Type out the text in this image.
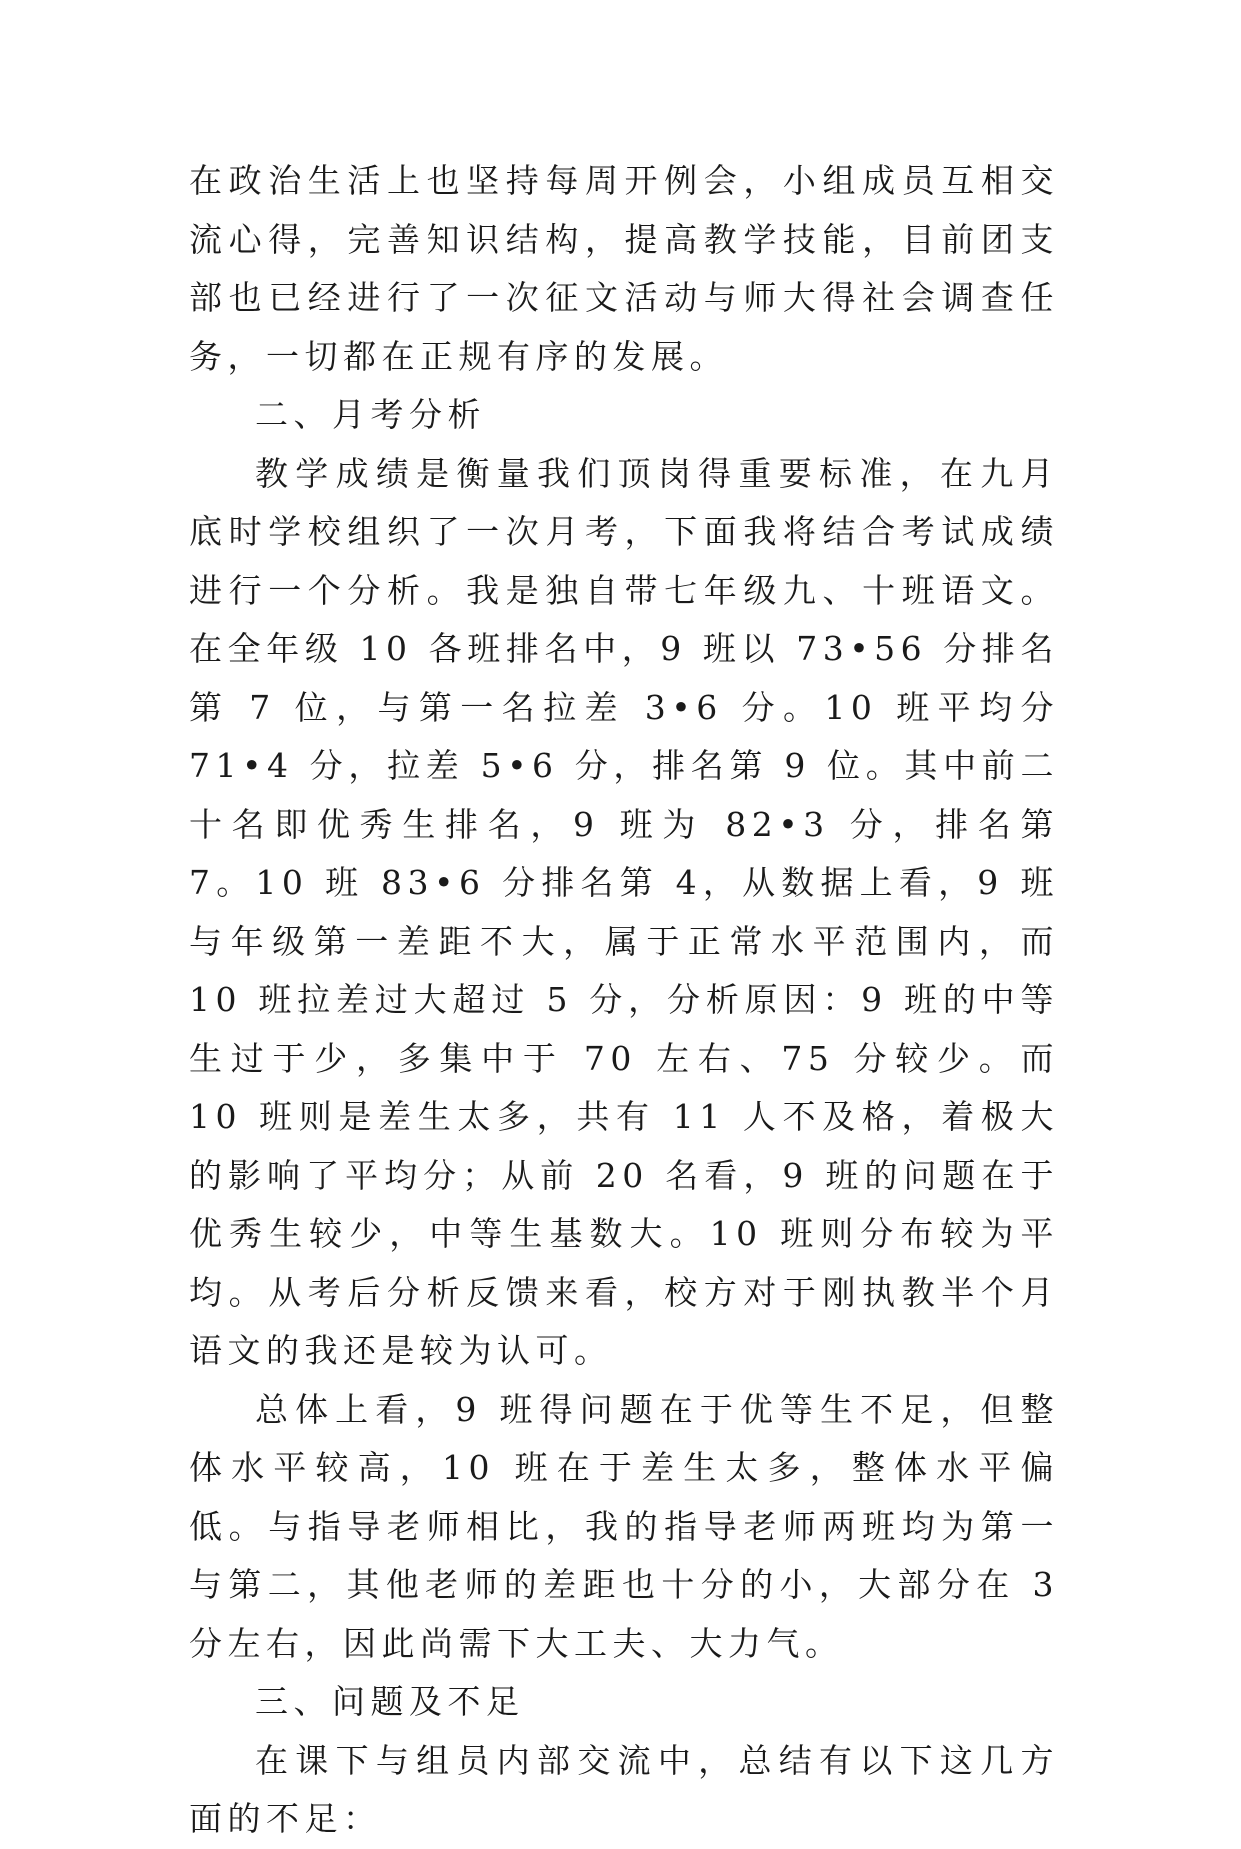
在政治生活上也坚持每周开例会，小组成员互相交流心得，完善知识结构，提高教学技能，目前团支部也已经进行了一次征文活动与师大得社会调查任务，一切都在正规有序的发展。

二、月考分析

教学成绩是衡量我们顶岗得重要标准，在九月底时学校组织了一次月考，下面我将结合考试成绩进行一个分析。我是独自带七年级九、十班语文。在全年级 10 各班排名中，9 班以 73•56 分排名第 7 位，与第一名拉差 3•6 分。10 班平均分 71•4 分，拉差 5•6 分，排名第 9 位。其中前二十名即优秀生排名，9 班为 82•3 分，排名第 7。10 班 83•6 分排名第 4，从数据上看，9 班与年级第一差距不大，属于正常水平范围内，而 10 班拉差过大超过 5 分，分析原因：9 班的中等生过于少，多集中于 70 左右、75 分较少。而 10 班则是差生太多，共有 11 人不及格，着极大的影响了平均分；从前 20 名看，9 班的问题在于优秀生较少，中等生基数大。10 班则分布较为平均。从考后分析反馈来看，校方对于刚执教半个月语文的我还是较为认可。

总体上看，9 班得问题在于优等生不足，但整体水平较高，10 班在于差生太多，整体水平偏低。与指导老师相比，我的指导老师两班均为第一与第二，其他老师的差距也十分的小，大部分在 3 分左右，因此尚需下大工夫、大力气。

三、问题及不足

在课下与组员内部交流中，总结有以下这几方面的不足：
